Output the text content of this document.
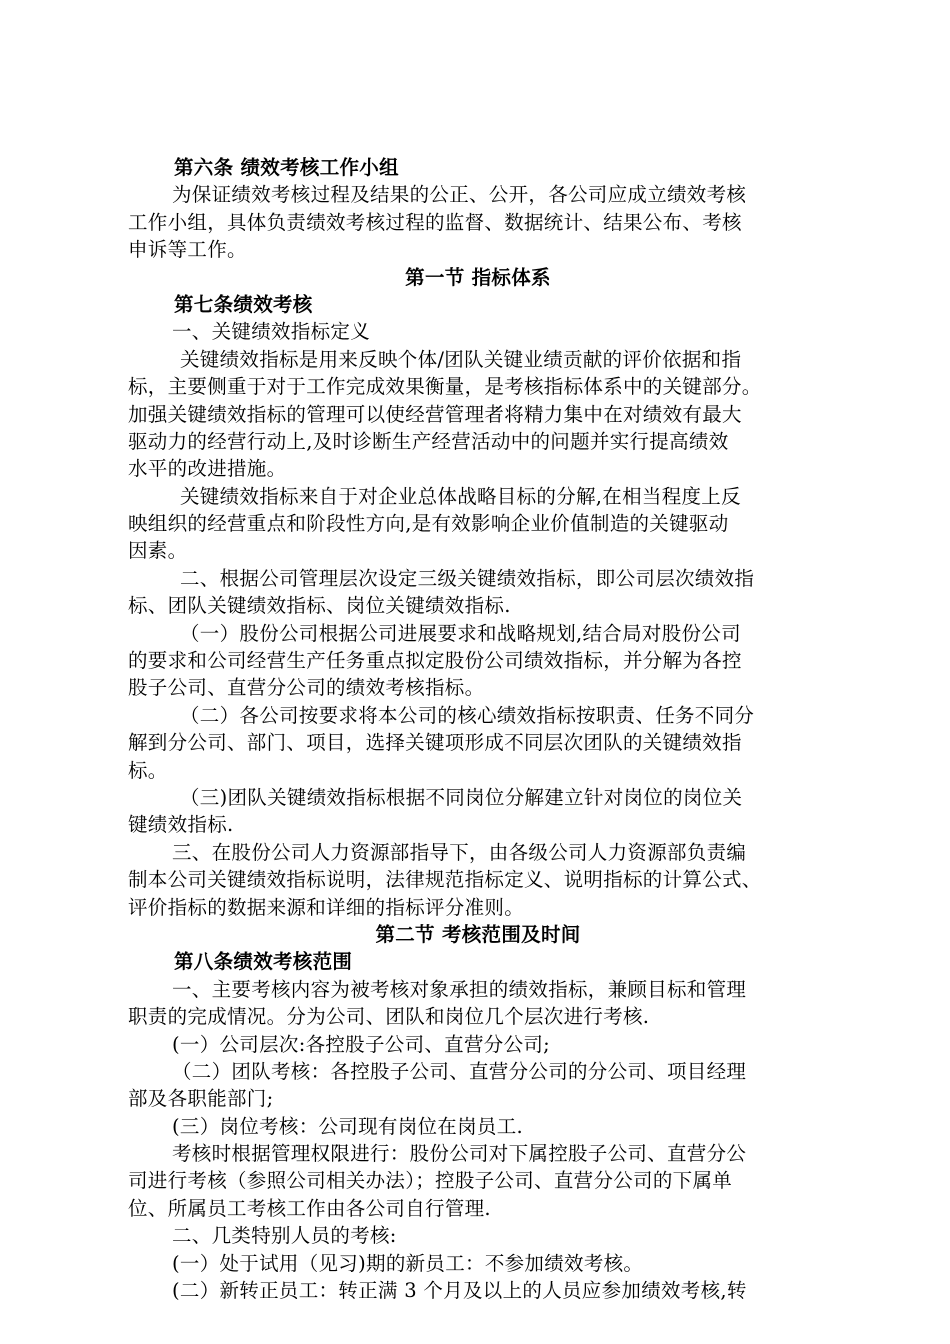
第六条 绩效考核工作小组
为保证绩效考核过程及结果的公正、公开，各公司应成立绩效考核
工作小组，具体负责绩效考核过程的监督、数据统计、结果公布、考核
申诉等工作。
第一节 指标体系
第七条绩效考核
一、关键绩效指标定义
关键绩效指标是用来反映个体/团队关键业绩贡献的评价依据和指
标，主要侧重于对于工作完成效果衡量，是考核指标体系中的关键部分。
加强关键绩效指标的管理可以使经营管理者将精力集中在对绩效有最大
驱动力的经营行动上,及时诊断生产经营活动中的问题并实行提高绩效
水平的改进措施。
关键绩效指标来自于对企业总体战略目标的分解,在相当程度上反
映组织的经营重点和阶段性方向,是有效影响企业价值制造的关键驱动
因素。
二、根据公司管理层次设定三级关键绩效指标，即公司层次绩效指
标、团队关键绩效指标、岗位关键绩效指标.
（一）股份公司根据公司进展要求和战略规划,结合局对股份公司
的要求和公司经营生产任务重点拟定股份公司绩效指标，并分解为各控
股子公司、直营分公司的绩效考核指标。
（二）各公司按要求将本公司的核心绩效指标按职责、任务不同分
解到分公司、部门、项目，选择关键项形成不同层次团队的关键绩效指
标。
（三)团队关键绩效指标根据不同岗位分解建立针对岗位的岗位关
键绩效指标.
三、在股份公司人力资源部指导下，由各级公司人力资源部负责编
制本公司关键绩效指标说明，法律规范指标定义、说明指标的计算公式、
评价指标的数据来源和详细的指标评分准则。
第二节 考核范围及时间
第八条绩效考核范围
一、主要考核内容为被考核对象承担的绩效指标，兼顾目标和管理
职责的完成情况。分为公司、团队和岗位几个层次进行考核.
(一）公司层次:各控股子公司、直营分公司;
（二）团队考核：各控股子公司、直营分公司的分公司、项目经理
部及各职能部门;
(三）岗位考核：公司现有岗位在岗员工.
考核时根据管理权限进行：股份公司对下属控股子公司、直营分公
司进行考核（参照公司相关办法）；控股子公司、直营分公司的下属单
位、所属员工考核工作由各公司自行管理.
二、几类特别人员的考核:
(一）处于试用（见习)期的新员工：不参加绩效考核。
(二）新转正员工：转正满 3 个月及以上的人员应参加绩效考核,转
